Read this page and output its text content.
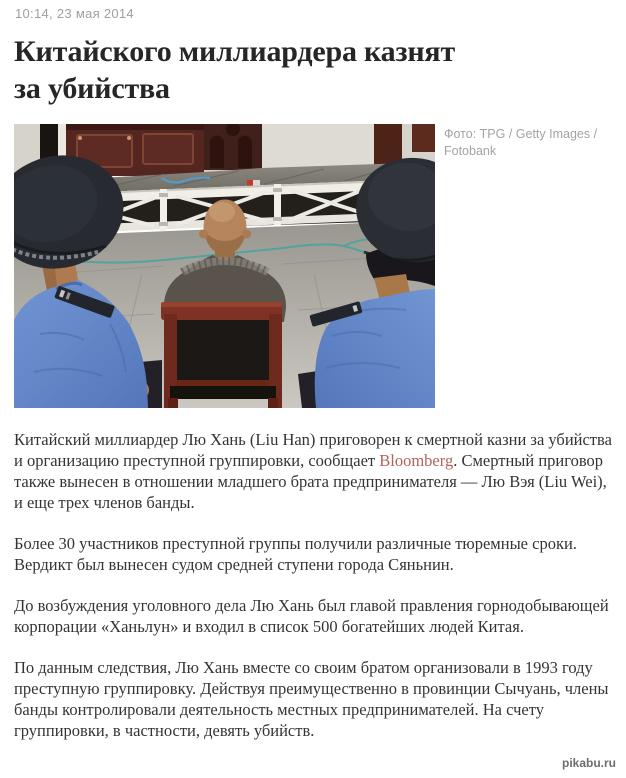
10:14, 23 мая 2014
Китайского миллиардера казнят
за убийства
Фото: TPG / Getty Images / Fotobank

Китайский миллиардер Лю Хань (Liu Han) приговорен к смертной казни за убийства и организацию преступной группировки, сообщает Bloomberg. Смертный приговор также вынесен в отношении младшего брата предпринимателя — Лю Вэя (Liu Wei), и еще трех членов банды.

Более 30 участников преступной группы получили различные тюремные сроки. Вердикт был вынесен судом средней ступени города Сяньнин.

До возбуждения уголовного дела Лю Хань был главой правления горнодобывающей корпорации «Ханьлун» и входил в список 500 богатейших людей Китая.

По данным следствия, Лю Хань вместе со своим братом организовали в 1993 году преступную группировку. Действуя преимущественно в провинции Сычуань, члены банды контролировали деятельность местных предпринимателей. На счету группировки, в частности, девять убийств.

pikabu.ru
